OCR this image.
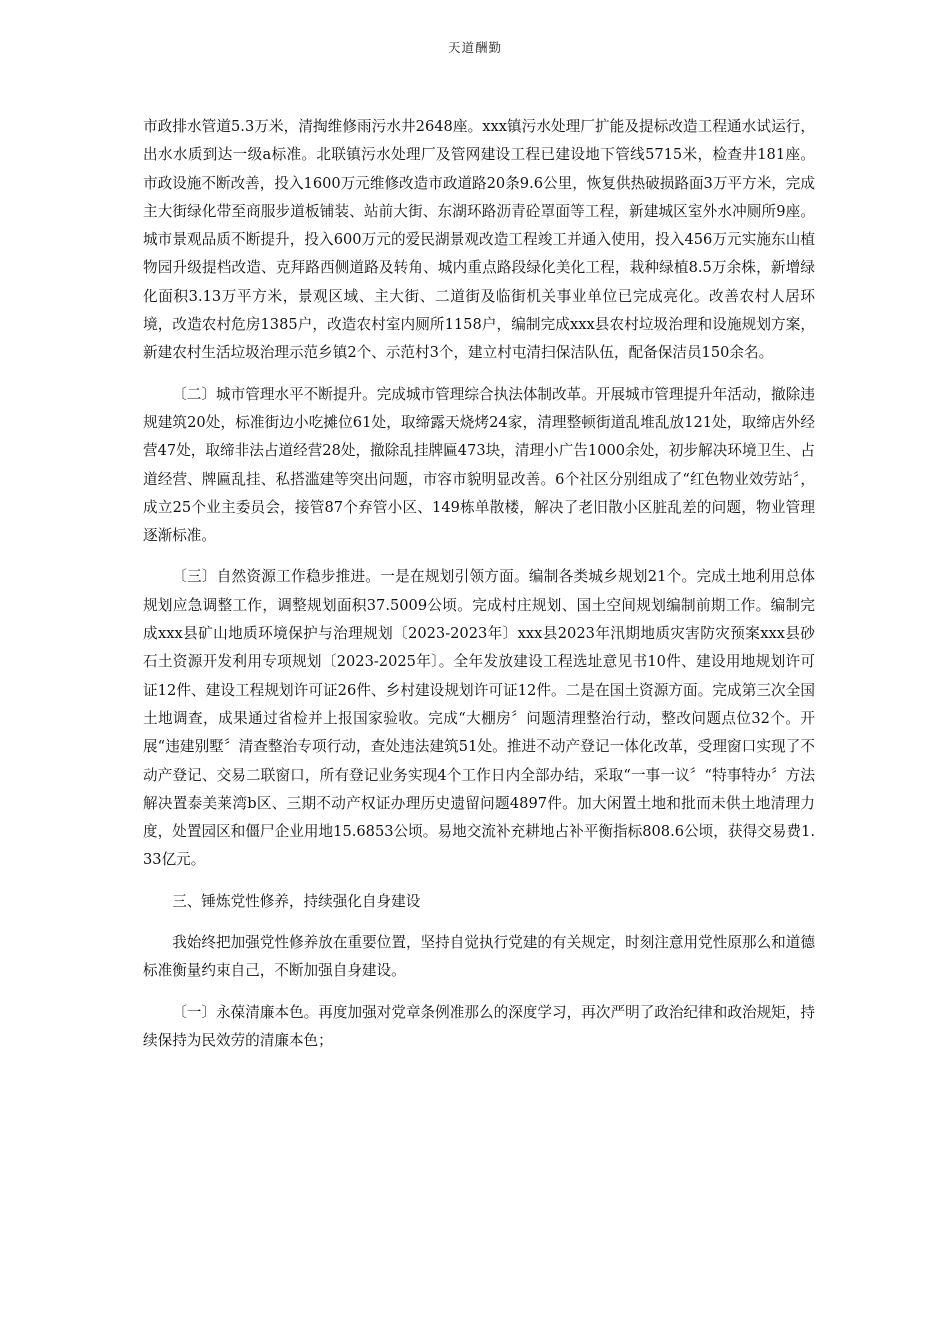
天道酬勤

市政排水管道5.3万米，清掏维修雨污水井2648座。xxx镇污水处理厂扩能及提标改造工程通水试运行，出水水质到达一级a标准。北联镇污水处理厂及管网建设工程已建设地下管线5715米，检查井181座。市政设施不断改善，投入1600万元维修改造市政道路20条9.6公里，恢复供热破损路面3万平方米，完成主大街绿化带至商服步道板铺装、站前大街、东湖环路沥青砼罩面等工程，新建城区室外水冲厕所9座。城市景观品质不断提升，投入600万元的爱民湖景观改造工程竣工并通入使用，投入456万元实施东山植物园升级提档改造、克拜路西侧道路及转角、城内重点路段绿化美化工程，栽种绿植8.5万余株，新增绿化面积3.13万平方米，景观区域、主大街、二道街及临街机关事业单位已完成亮化。改善农村人居环境，改造农村危房1385户，改造农村室内厕所1158户，编制完成xxx县农村垃圾治理和设施规划方案，新建农村生活垃圾治理示范乡镇2个、示范村3个，建立村屯清扫保洁队伍，配备保洁员150余名。

〔二〕城市管理水平不断提升。完成城市管理综合执法体制改革。开展城市管理提升年活动，撤除违规建筑20处，标准街边小吃摊位61处，取缔露天烧烤24家，清理整顿街道乱堆乱放121处，取缔店外经营47处，取缔非法占道经营28处，撤除乱挂牌匾473块，清理小广告1000余处，初步解决环境卫生、占道经营、牌匾乱挂、私搭滥建等突出问题，市容市貌明显改善。6个社区分别组成了“红色物业效劳站〞，成立25个业主委员会，接管87个弃管小区、149栋单散楼，解决了老旧散小区脏乱差的问题，物业管理逐渐标准。

〔三〕自然资源工作稳步推进。一是在规划引领方面。编制各类城乡规划21个。完成土地利用总体规划应急调整工作，调整规划面积37.5009公顷。完成村庄规划、国土空间规划编制前期工作。编制完成xxx县矿山地质环境保护与治理规划〔2023-2023年〕xxx县2023年汛期地质灾害防灾预案xxx县砂石土资源开发利用专项规划〔2023-2025年〕。全年发放建设工程选址意见书10件、建设用地规划许可证12件、建设工程规划许可证26件、乡村建设规划许可证12件。二是在国土资源方面。完成第三次全国土地调查，成果通过省检并上报国家验收。完成“大棚房〞问题清理整治行动，整改问题点位32个。开展“违建别墅〞清查整治专项行动，查处违法建筑51处。推进不动产登记一体化改革，受理窗口实现了不动产登记、交易二联窗口，所有登记业务实现4个工作日内全部办结，采取“一事一议〞“特事特办〞方法解决置泰美莱湾b区、三期不动产权证办理历史遗留问题4897件。加大闲置土地和批而未供土地清理力度，处置园区和僵尸企业用地15.6853公顷。易地交流补充耕地占补平衡指标808.6公顷，获得交易费1.33亿元。

三、锤炼党性修养，持续强化自身建设

我始终把加强党性修养放在重要位置，坚持自觉执行党建的有关规定，时刻注意用党性原那么和道德标准衡量约束自己，不断加强自身建设。

〔一〕永葆清廉本色。再度加强对党章条例准那么的深度学习，再次严明了政治纪律和政治规矩，持续保持为民效劳的清廉本色；
